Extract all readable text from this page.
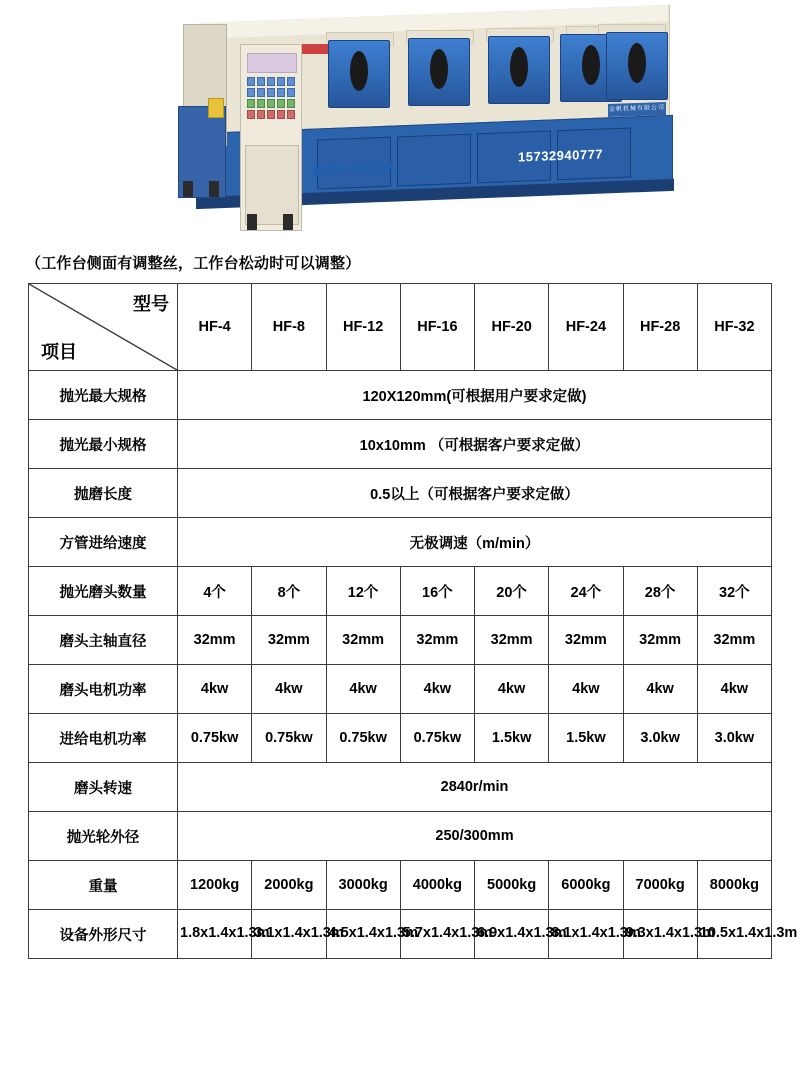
金帆机械有限公司
邢台 金帆机械
15732940777
（工作台侧面有调整丝，工作台松动时可以调整）
型号
项目	HF-4	HF-8	HF-12	HF-16	HF-20	HF-24	HF-28	HF-32
抛光最大规格	120X120mm(可根据用户要求定做)							
抛光最小规格	10x10mm （可根据客户要求定做）							
抛磨长度	0.5以上（可根据客户要求定做）							
方管进给速度	无极调速（m/min）							
抛光磨头数量	4个	8个	12个	16个	20个	24个	28个	32个
磨头主轴直径	32mm	32mm	32mm	32mm	32mm	32mm	32mm	32mm
磨头电机功率	4kw	4kw	4kw	4kw	4kw	4kw	4kw	4kw
进给电机功率	0.75kw	0.75kw	0.75kw	0.75kw	1.5kw	1.5kw	3.0kw	3.0kw
磨头转速	2840r/min							
抛光轮外径	250/300mm							
重量	1200kg	2000kg	3000kg	4000kg	5000kg	6000kg	7000kg	8000kg
设备外形尺寸	1.8x1.4x1.3m	3.1x1.4x1.3m	4.5x1.4x1.3m	5.7x1.4x1.3m	6.9x1.4x1.3m	8.1x1.4x1.3m	9.3x1.4x1.3m	10.5x1.4x1.3m
